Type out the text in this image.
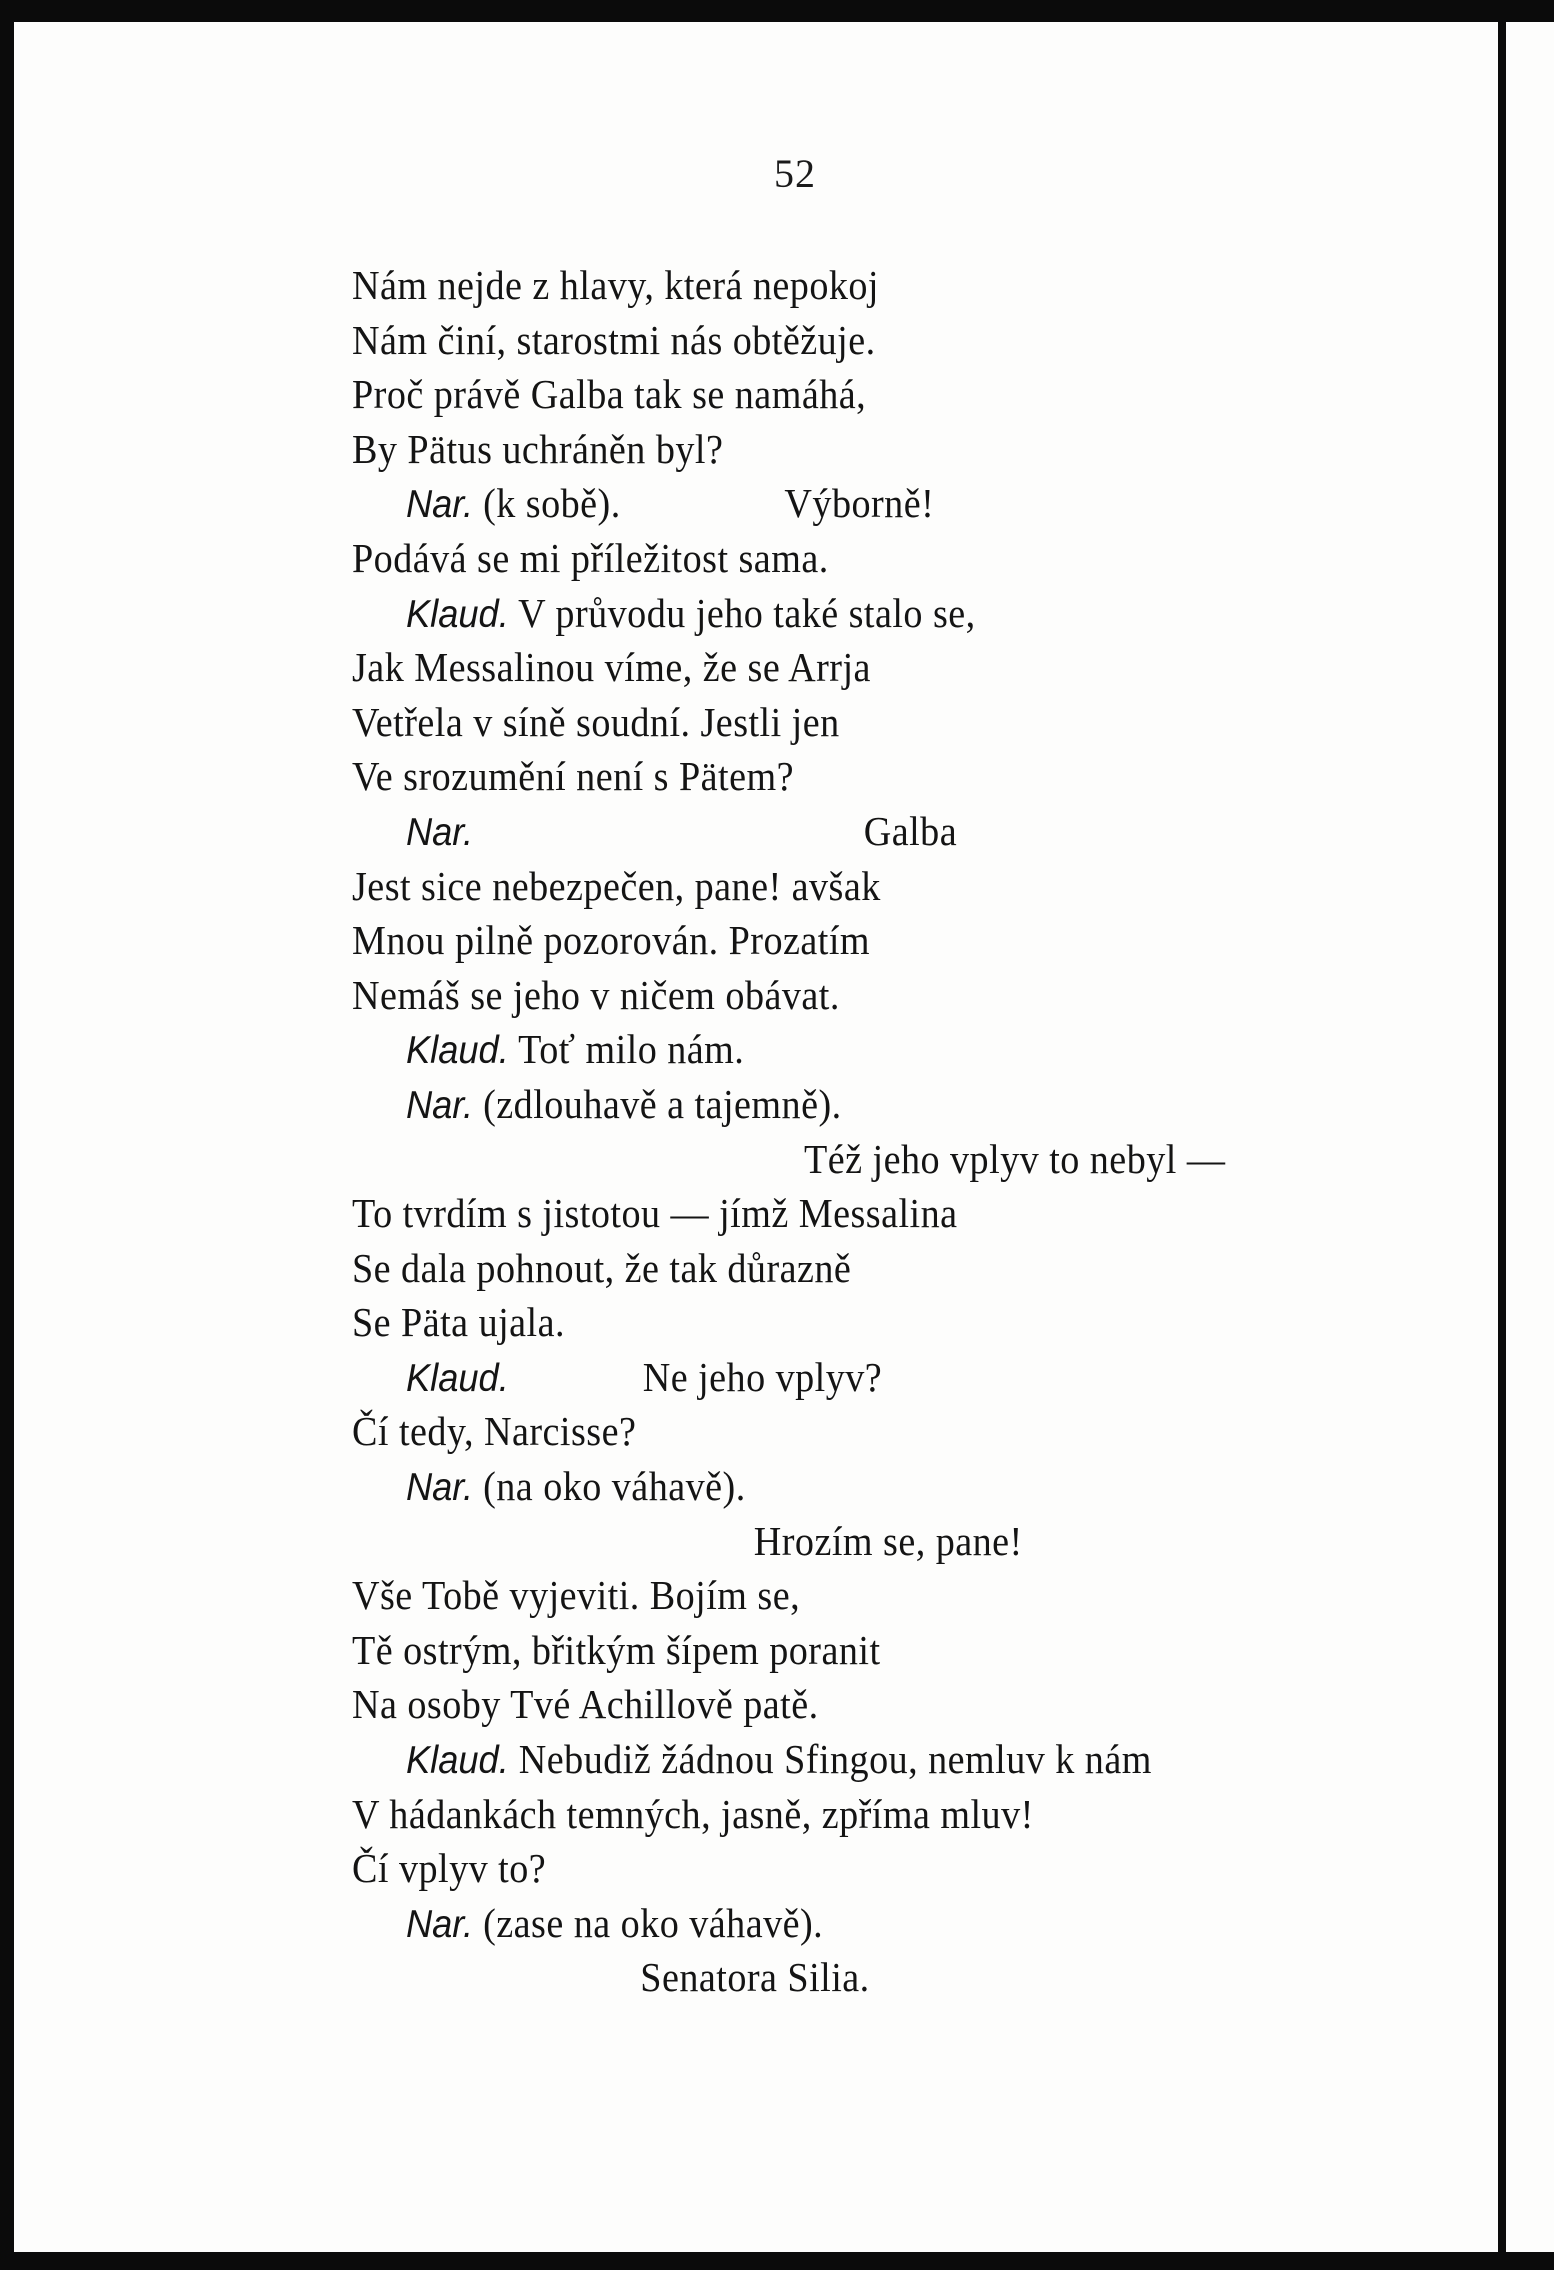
52
Nám nejde z hlavy, která nepokoj
Nám činí, starostmi nás obtěžuje.
Proč právě Galba tak se namáhá,
By Pätus uchráněn byl?
Nar. (k sobě).	Výborně!
Podává se mi příležitost sama.
Klaud. V průvodu jeho také stalo se,
Jak Messalinou víme, že se Arrja
Vetřela v síně soudní. Jestli jen
Ve srozumění není s Pätem?
Nar.	Galba
Jest sice nebezpečen, pane! avšak
Mnou pilně pozorován. Prozatím
Nemáš se jeho v ničem obávat.
Klaud. Toť milo nám.
Nar. (zdlouhavě a tajemně).
Též jeho vplyv to nebyl —
To tvrdím s jistotou — jímž Messalina
Se dala pohnout, že tak důrazně
Se Päta ujala.
Klaud.	Ne jeho vplyv?
Čí tedy, Narcisse?
Nar. (na oko váhavě).
Hrozím se, pane!
Vše Tobě vyjeviti. Bojím se,
Tě ostrým, břitkým šípem poranit
Na osoby Tvé Achillově patě.
Klaud. Nebudiž žádnou Sfingou, nemluv k nám
V hádankách temných, jasně, zpříma mluv!
Čí vplyv to?
Nar. (zase na oko váhavě).
Senatora Silia.
